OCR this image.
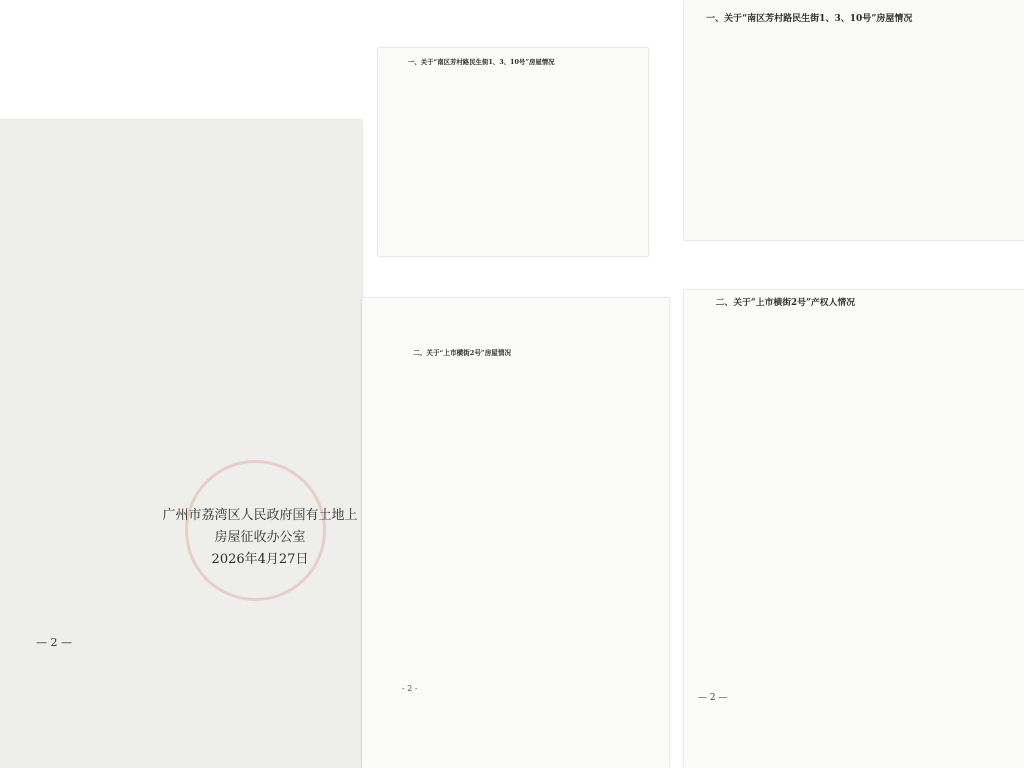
广州市荔湾区人民政府国有土地上房屋征收办公室
2026年4月27日
— 2 —

一、关于“南区芳村路民生街1、3、10号”房屋情况

一、关于“南区芳村路民生街1、3、10号”房屋情况

二、关于“上市横街2号”房屋情况

- 2 -

二、关于“上市横街2号”产权人情况

— 2 —
